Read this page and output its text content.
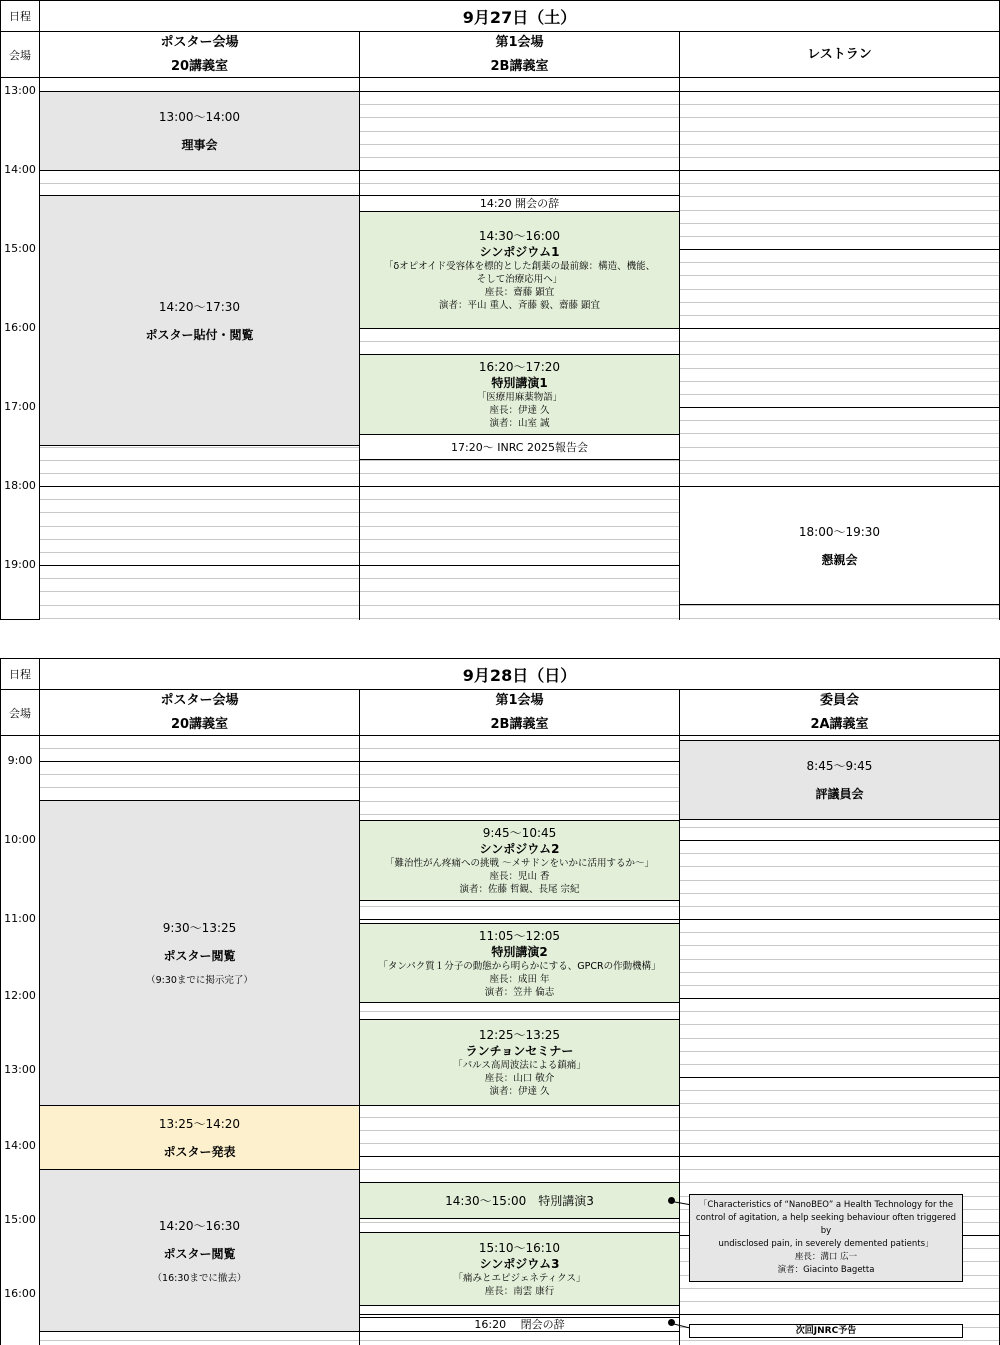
日程	9月27日（土）
会場
ポスター会場
20講義室
第1会場
2B講義室
レストラン
13:00
14:00
15:00
16:00
17:00
18:00
19:00
13:00〜14:00
理事会
14:20〜17:30
ポスター貼付・閲覧
14:20 開会の辞
14:30〜16:00
シンポジウム1
「δオピオイド受容体を標的とした創薬の最前線：構造、機能、
そして治療応用へ」
座長：齋藤 顕宜
演者：平山 重人、斉藤 毅、齋藤 顕宜
16:20〜17:20
特別講演1
「医療用麻薬物語」
座長：伊達 久
演者：山室 誠
17:20〜 INRC 2025報告会
18:00〜19:30
懇親会
日程	9月28日（日）
会場
ポスター会場
20講義室
第1会場
2B講義室
委員会
2A講義室
9:00
10:00
11:00
12:00
13:00
14:00
15:00
16:00
9:30〜13:25
ポスター閲覧
（9:30までに掲示完了）
13:25〜14:20
ポスター発表
14:20〜16:30
ポスター閲覧
（16:30までに撤去）
9:45〜10:45
シンポジウム2
「難治性がん疼痛への挑戦 〜メサドンをいかに活用するか〜」
座長：児山 香
演者：佐藤 哲観、長尾 宗紀
11:05〜12:05
特別講演2
「タンパク質１分子の動態から明らかにする、GPCRの作動機構」
座長：成田 年
演者：笠井 倫志
12:25〜13:25
ランチョンセミナー
「パルス高周波法による鎮痛」
座長：山口 敬介
演者：伊達 久
14:30〜15:00　特別講演3
15:10〜16:10
シンポジウム3
「痛みとエピジェネティクス」
座長：南雲 康行
16:20　 閉会の辞
8:45〜9:45
評議員会
「Characteristics of “NanoBEO” a Health Technology for the
control of agitation, a help seeking behaviour often triggered by
undisclosed pain, in severely demented patients」
座長：溝口 広一
演者：Giacinto Bagetta
次回JNRC予告
